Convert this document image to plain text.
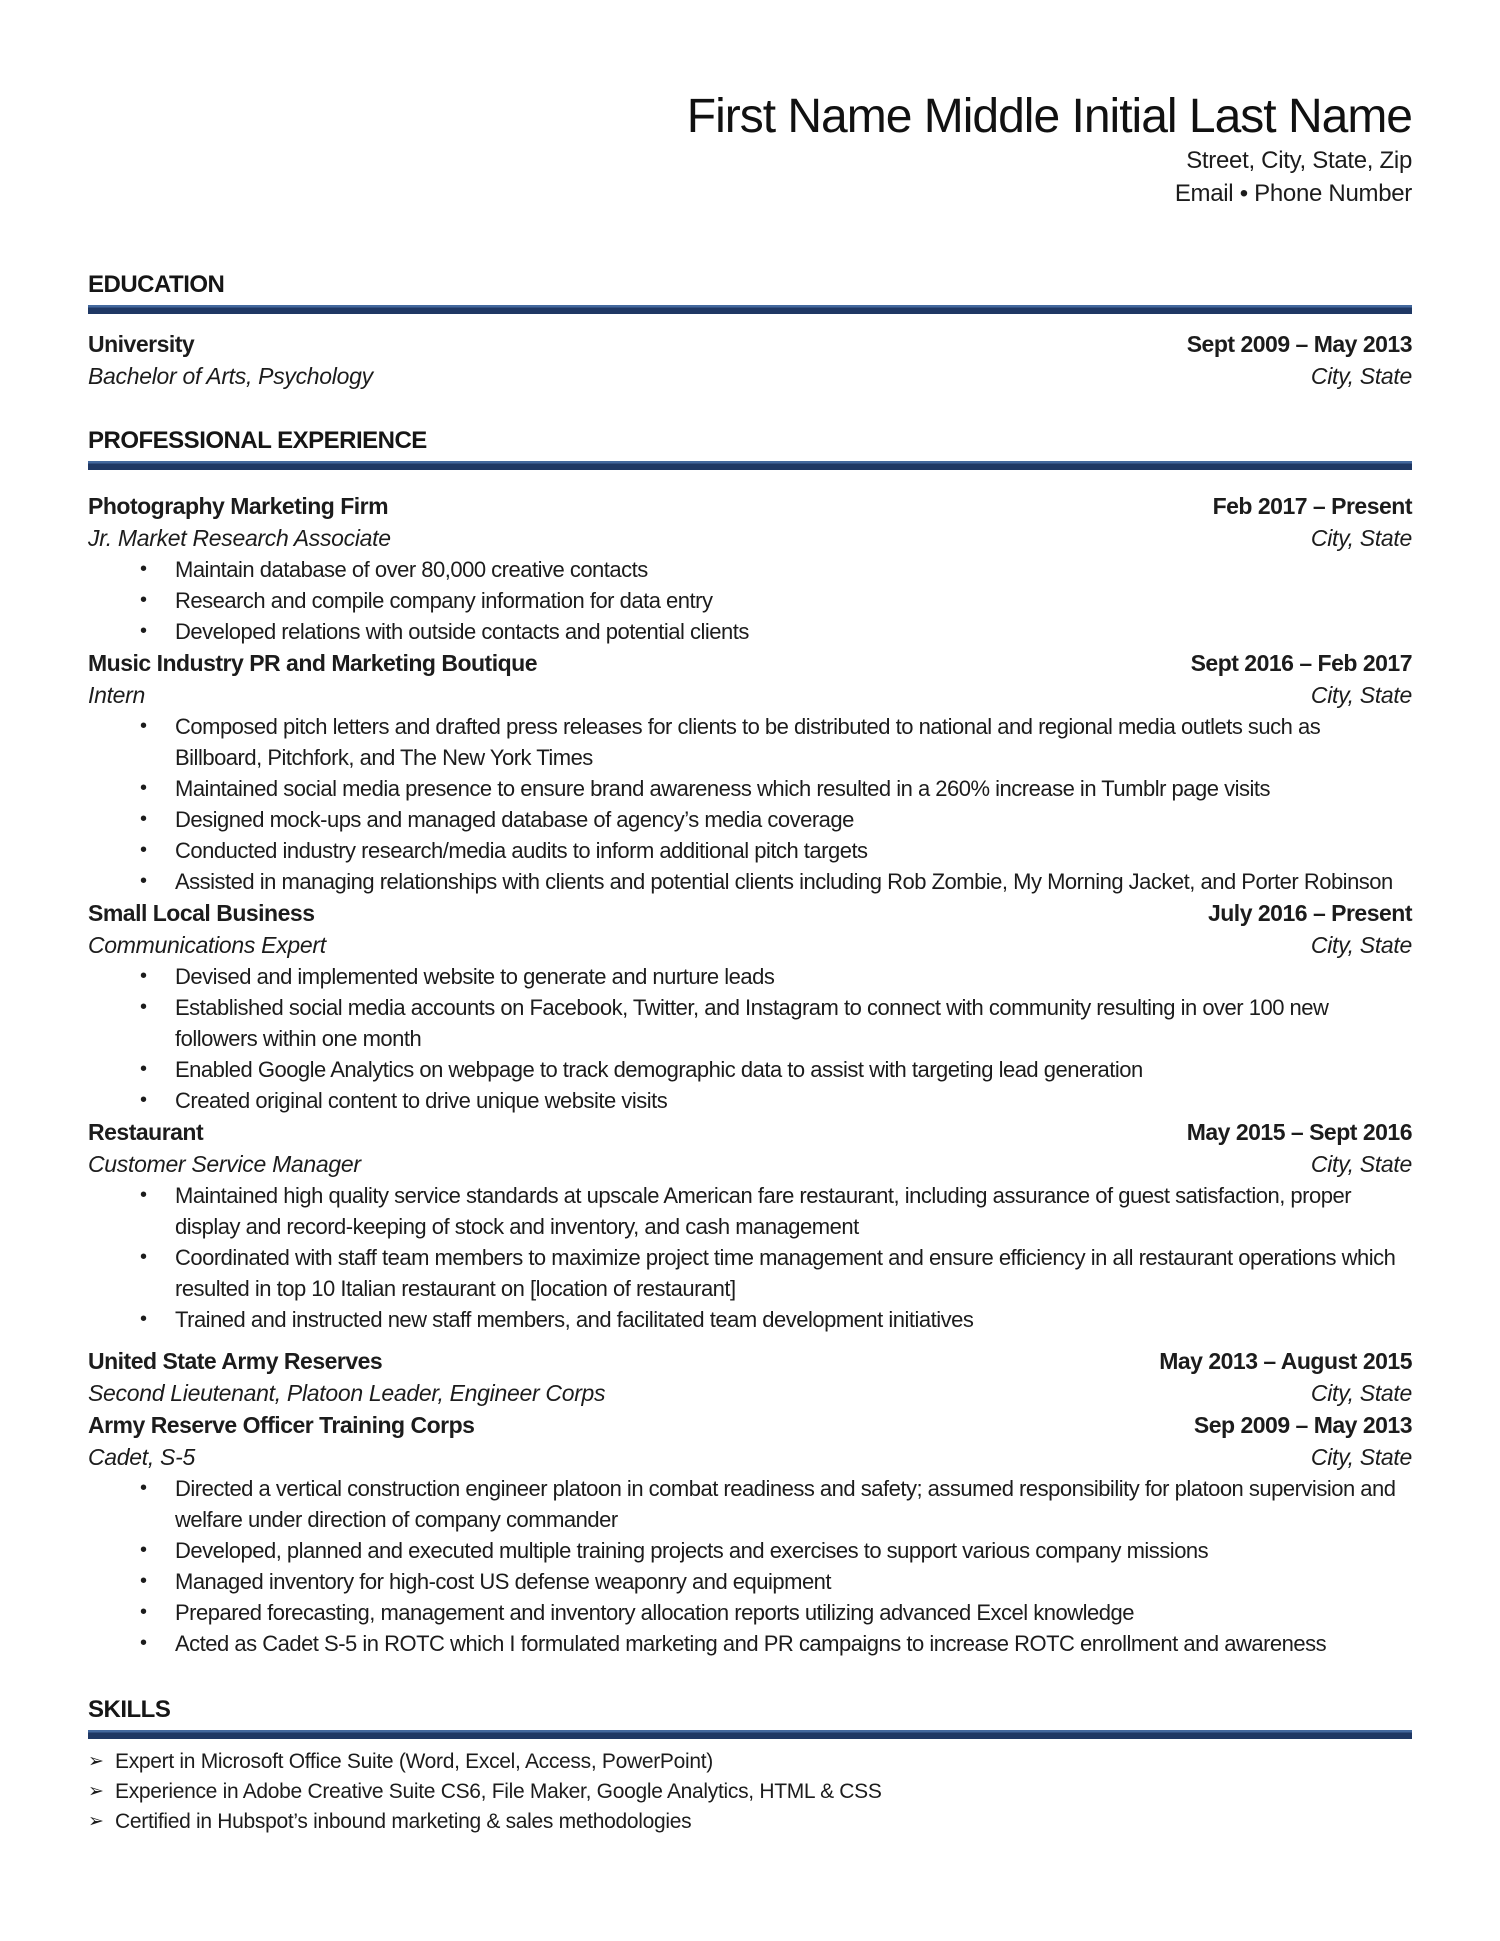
First Name Middle Initial Last Name
Street, City, State, Zip
Email • Phone Number
EDUCATION
University	Sept 2009 – May 2013
Bachelor of Arts, Psychology	City, State
PROFESSIONAL EXPERIENCE
Photography Marketing Firm	Feb 2017 – Present
Jr. Market Research Associate	City, State
•	Maintain database of over 80,000 creative contacts
•	Research and compile company information for data entry
•	Developed relations with outside contacts and potential clients
Music Industry PR and Marketing Boutique	Sept 2016 – Feb 2017
Intern	City, State
•	Composed pitch letters and drafted press releases for clients to be distributed to national and regional media outlets such as Billboard, Pitchfork, and The New York Times
•	Maintained social media presence to ensure brand awareness which resulted in a 260% increase in Tumblr page visits
•	Designed mock-ups and managed database of agency’s media coverage
•	Conducted industry research/media audits to inform additional pitch targets
•	Assisted in managing relationships with clients and potential clients including Rob Zombie, My Morning Jacket, and Porter Robinson
Small Local Business	July 2016 – Present
Communications Expert	City, State
•	Devised and implemented website to generate and nurture leads
•	Established social media accounts on Facebook, Twitter, and Instagram to connect with community resulting in over 100 new followers within one month
•	Enabled Google Analytics on webpage to track demographic data to assist with targeting lead generation
•	Created original content to drive unique website visits
Restaurant	May 2015 – Sept 2016
Customer Service Manager	City, State
•	Maintained high quality service standards at upscale American fare restaurant, including assurance of guest satisfaction, proper display and record-keeping of stock and inventory, and cash management
•	Coordinated with staff team members to maximize project time management and ensure efficiency in all restaurant operations which resulted in top 10 Italian restaurant on [location of restaurant]
•	Trained and instructed new staff members, and facilitated team development initiatives
United State Army Reserves	May 2013 – August 2015
Second Lieutenant, Platoon Leader, Engineer Corps	City, State
Army Reserve Officer Training Corps	Sep 2009 – May 2013
Cadet, S-5	City, State
•	Directed a vertical construction engineer platoon in combat readiness and safety; assumed responsibility for platoon supervision and welfare under direction of company commander
•	Developed, planned and executed multiple training projects and exercises to support various company missions
•	Managed inventory for high-cost US defense weaponry and equipment
•	Prepared forecasting, management and inventory allocation reports utilizing advanced Excel knowledge
•	Acted as Cadet S-5 in ROTC which I formulated marketing and PR campaigns to increase ROTC enrollment and awareness
SKILLS
➢ Expert in Microsoft Office Suite (Word, Excel, Access, PowerPoint)
➢ Experience in Adobe Creative Suite CS6, File Maker, Google Analytics, HTML & CSS
➢ Certified in Hubspot’s inbound marketing & sales methodologies
